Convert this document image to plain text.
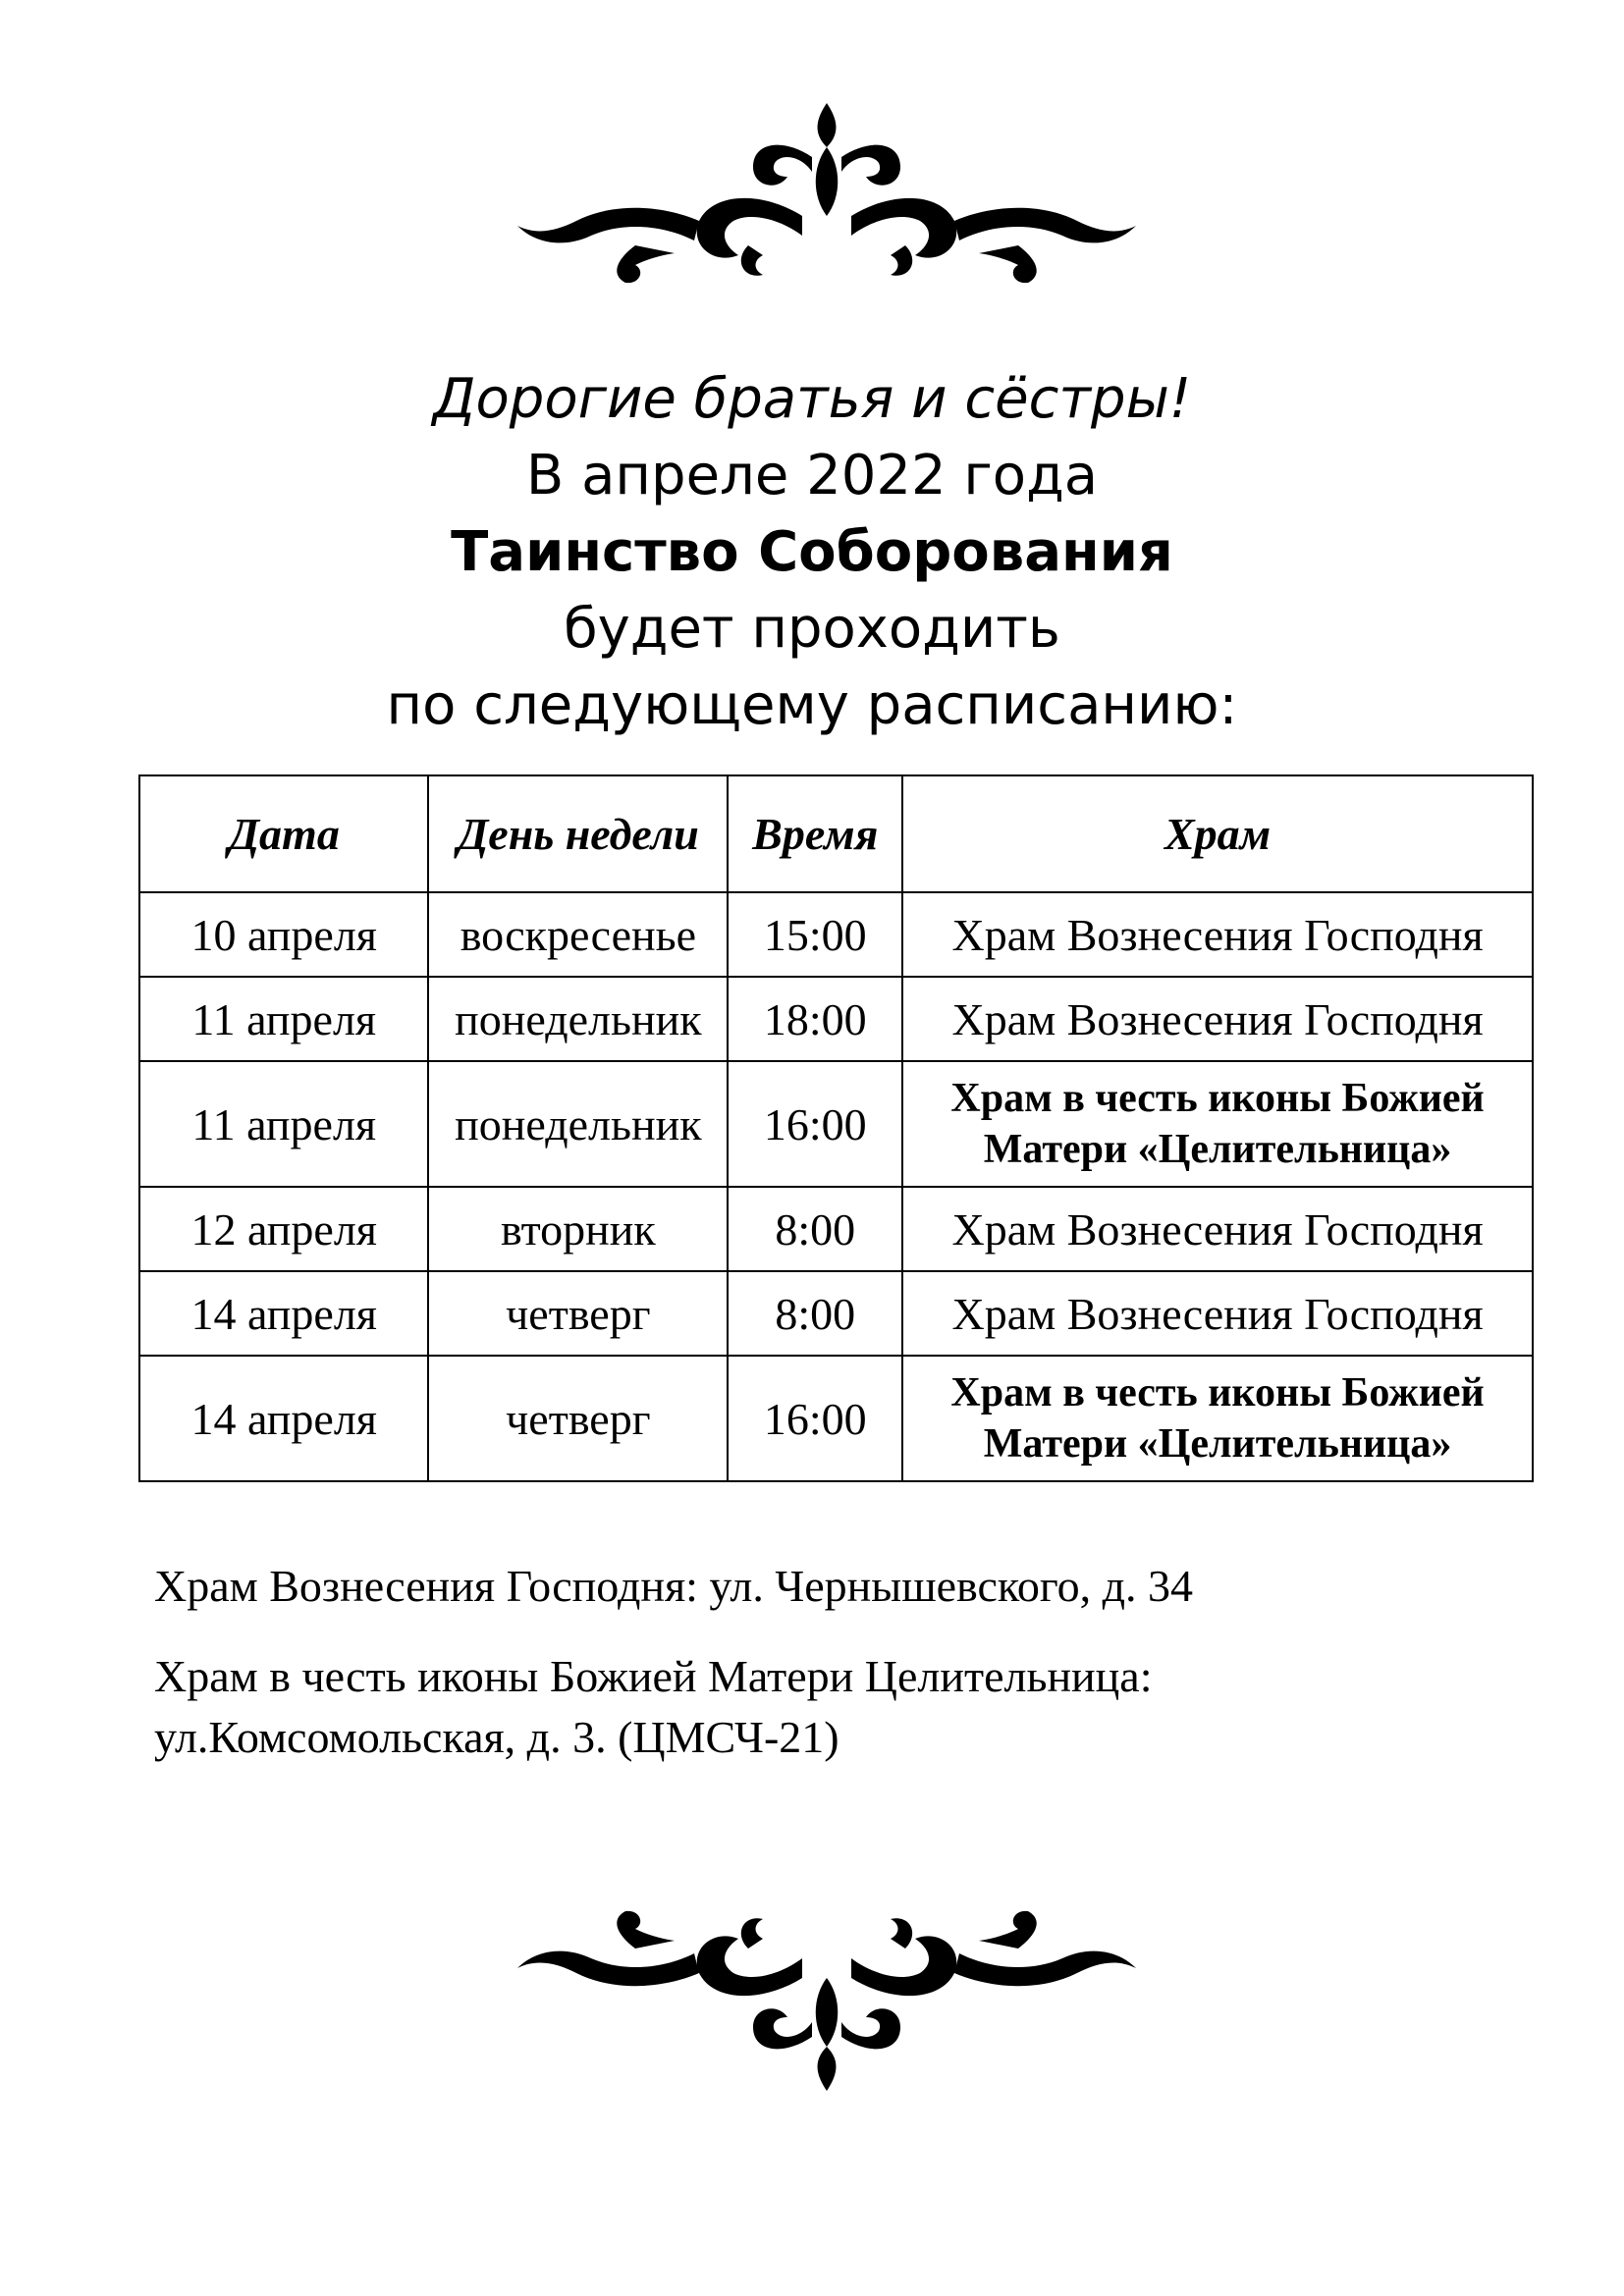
Дорогие братья и сёстры!
В апреле 2022 года
Таинство Соборования
будет проходить
по следующему расписанию:
Дата	День недели	Время	Храм
10 апреля	воскресенье	15:00	Храм Вознесения Господня
11 апреля	понедельник	18:00	Храм Вознесения Господня
11 апреля	понедельник	16:00	Храм в честь иконы Божией
Матери «Целительница»

12 апреля	вторник	8:00	Храм Вознесения Господня
14 апреля	четверг	8:00	Храм Вознесения Господня
14 апреля	четверг	16:00	Храм в честь иконы Божией
Матери «Целительница»

Храм Вознесения Господня: ул. Чернышевского, д. 34

Храм в честь иконы Божией Матери Целительница:
ул.Комсомольская, д. 3. (ЦМСЧ-21)
